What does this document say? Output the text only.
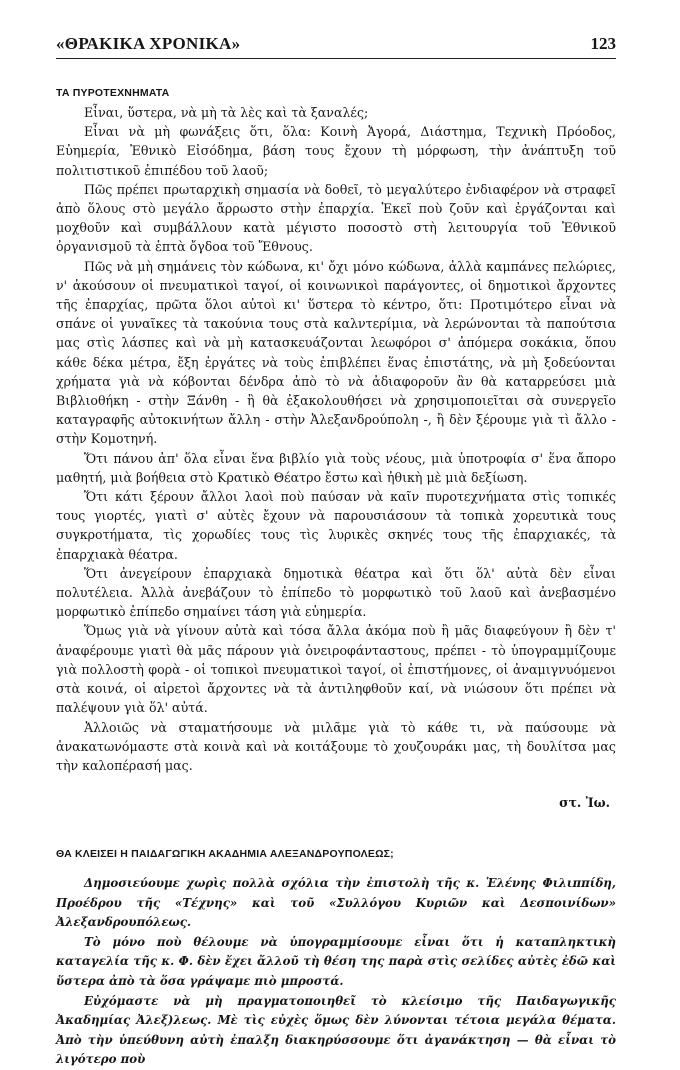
«ΘΡΑΚΙΚΑ ΧΡΟΝΙΚΑ»	123
ΤΑ ΠΥΡΟΤΕΧΝΗΜΑΤΑ

Εἶναι, ὕστερα, νὰ μὴ τὰ λὲς καὶ τὰ ξαναλές;

Εἶναι νὰ μὴ φωνάξεις ὅτι, ὅλα: Κοινὴ Ἀγορά, Διάστημα, Τεχνικὴ Πρόοδος, Εὐημερία, Ἐθνικὸ Εἰσόδημα, βάση τους ἔχουν τὴ μόρφωση, τὴν ἀνάπτυξη τοῦ πολιτιστικοῦ ἐπιπέδου τοῦ λαοῦ;

Πῶς πρέπει πρωταρχικὴ σημασία νὰ δοθεῖ, τὸ μεγαλύτερο ἐνδιαφέρον νὰ στραφεῖ ἀπὸ ὅλους στὸ μεγάλο ἄρρωστο στὴν ἐπαρχία. Ἐκεῖ ποὺ ζοῦν καὶ ἐργάζονται καὶ μοχθοῦν καὶ συμβάλλουν κατὰ μέγιστο ποσοστὸ στὴ λειτουργία τοῦ Ἐθνικοῦ ὀργανισμοῦ τὰ ἑπτὰ ὄγδοα τοῦ Ἔθνους.

Πῶς νὰ μὴ σημάνεις τὸν κώδωνα, κι' ὄχι μόνο κώδωνα, ἀλλὰ καμπάνες πελώριες, ν' ἀκούσουν οἱ πνευματικοὶ ταγοί, οἱ κοινωνικοὶ παράγοντες, οἱ δημοτικοὶ ἄρχοντες τῆς ἐπαρχίας, πρῶτα ὅλοι αὐτοὶ κι' ὕστερα τὸ κέντρο, ὅτι: Προτιμότερο εἶναι νὰ σπάνε οἱ γυναῖκες τὰ τακούνια τους στὰ καλντερίμια, νὰ λερώνονται τὰ παπούτσια μας στὶς λάσπες καὶ νὰ μὴ κατασκευάζονται λεωφόροι σ' ἀπόμερα σοκάκια, ὅπου κάθε δέκα μέτρα, ἔξη ἐργάτες νὰ τοὺς ἐπιβλέπει ἕνας ἐπιστάτης, νὰ μὴ ξοδεύονται χρήματα γιὰ νὰ κόβονται δένδρα ἀπὸ τὸ νὰ ἀδιαφοροῦν ἂν θὰ καταρρεύσει μιὰ Βιβλιοθήκη - στὴν Ξάνθη - ἢ θὰ ἐξακολουθήσει νὰ χρησιμοποιεῖται σὰ συνεργεῖο καταγραφῆς αὐτοκινήτων ἄλλη - στὴν Ἀλεξανδρούπολη -, ἢ δὲν ξέρουμε γιὰ τὶ ἄλλο - στὴν Κομοτηνή.

Ὅτι πάνου ἀπ' ὅλα εἶναι ἕνα βιβλίο γιὰ τοὺς νέους, μιὰ ὑποτροφία σ' ἕνα ἄπορο μαθητή, μιὰ βοήθεια στὸ Κρατικὸ Θέατρο ἔστω καὶ ἠθικὴ μὲ μιὰ δεξίωση.

Ὅτι κάτι ξέρουν ἄλλοι λαοὶ ποὺ παύσαν νὰ καῖν πυροτεχνήματα στὶς τοπικές τους γιορτές, γιατὶ σ' αὐτὲς ἔχουν νὰ παρουσιάσουν τὰ τοπικὰ χορευτικὰ τους συγκροτήματα, τὶς χορωδίες τους τὶς λυρικὲς σκηνές τους τῆς ἐπαρχιακές, τὰ ἐπαρχιακὰ θέατρα.

Ὅτι ἀνεγείρουν ἐπαρχιακὰ δημοτικὰ θέατρα καὶ ὅτι ὅλ' αὐτὰ δὲν εἶναι πολυτέλεια. Ἀλλὰ ἀνεβάζουν τὸ ἐπίπεδο τὸ μορφωτικὸ τοῦ λαοῦ καὶ ἀνεβασμένο μορφωτικὸ ἐπίπεδο σημαίνει τάση γιὰ εὐημερία.

Ὅμως γιὰ νὰ γίνουν αὐτὰ καὶ τόσα ἄλλα ἀκόμα ποὺ ἢ μᾶς διαφεύγουν ἢ δὲν τ' ἀναφέρουμε γιατὶ θὰ μᾶς πάρουν γιὰ ὀνειροφάνταστους, πρέπει - τὸ ὑπογραμμίζουμε γιὰ πολλοστὴ φορὰ - οἱ τοπικοὶ πνευματικοὶ ταγοί, οἱ ἐπιστήμονες, οἱ ἀναμιγνυόμενοι στὰ κοινά, οἱ αἱρετοὶ ἄρχοντες νὰ τὰ ἀντιληφθοῦν καί, νὰ νιώσουν ὅτι πρέπει νὰ παλέψουν γιὰ ὅλ' αὐτά.

Ἀλλοιῶς νὰ σταματήσουμε νὰ μιλᾶμε γιὰ τὸ κάθε τι, νὰ παύσουμε νὰ ἀνακατωνόμαστε στὰ κοινὰ καὶ νὰ κοιτάξουμε τὸ χουζουράκι μας, τὴ δουλίτσα μας τὴν καλοπέρασή μας.

στ. Ἰω.
ΘΑ ΚΛΕΙΣΕΙ Η ΠΑΙΔΑΓΩΓΙΚΗ ΑΚΑΔΗΜΙΑ ΑΛΕΞΑΝΔΡΟΥΠΟΛΕΩΣ;

Δημοσιεύουμε χωρὶς πολλὰ σχόλια τὴν ἐπιστολὴ τῆς κ. Ἑλένης Φιλιππίδη, Προέδρου τῆς «Τέχνης» καὶ τοῦ «Συλλόγου Κυριῶν καὶ Δεσποινίδων» Ἀλεξανδρουπόλεως.

Τὸ μόνο ποὺ θέλουμε νὰ ὑπογραμμίσουμε εἶναι ὅτι ἡ καταπληκτικὴ καταγελία τῆς κ. Φ. δὲν ἔχει ἄλλοῦ τὴ θέση της παρὰ στὶς σελίδες αὐτὲς ἐδῶ καὶ ὕστερα ἀπὸ τὰ ὅσα γράψαμε πιὸ μπροστά.

Εὐχόμαστε νὰ μὴ πραγματοποιηθεῖ τὸ κλείσιμο τῆς Παιδαγωγικῆς Ἀκαδημίας Ἀλεξ)λεως. Μὲ τὶς εὐχὲς ὅμως δὲν λύνονται τέτοια μεγάλα θέματα. Ἀπὸ τὴν ὑπεύθυνη αὐτὴ ἐπαλξη διακηρύσσουμε ὅτι ἀγανάκτηση — θὰ εἶναι τὸ λιγότερο ποὺ
